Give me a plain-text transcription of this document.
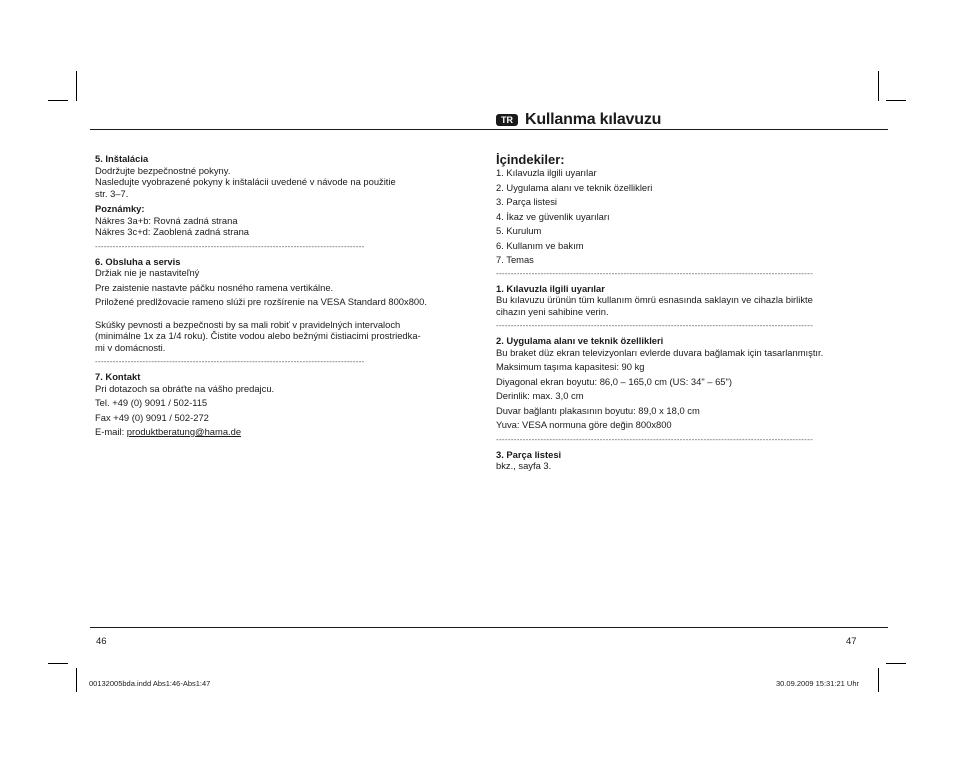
TR Kullanma kılavuzu

5. Inštalácia

Dodržujte bezpečnostné pokyny.

Nasledujte vyobrazené pokyny k inštalácii uvedené v návode na použitie

str. 3–7.

Poznámky:

Nákres 3a+b: Rovná zadná strana

Nákres 3c+d: Zaoblená zadná strana

-------------------------------------------------------------------------------------------

6. Obsluha a servis

Držiak nie je nastaviteľný

Pre zaistenie nastavte páčku nosného ramena vertikálne.

Priložené predlžovacie rameno slúži pre rozšírenie na VESA Standard 800x800.

Skúšky pevnosti a bezpečnosti by sa mali robiť v pravidelných intervaloch

(minimálne 1x za 1/4 roku). Čistite vodou alebo bežnými čistiacimi prostriedka-

mi v domácnosti.

-------------------------------------------------------------------------------------------

7. Kontakt

Pri dotazoch sa obráťte na vášho predajcu.

Tel. +49 (0) 9091 / 502-115

Fax +49 (0) 9091 / 502-272

E-mail: produktberatung@hama.de

İçindekiler:

1. Kılavuzla ilgili uyarılar

2. Uygulama alanı ve teknik özellikleri

3. Parça listesi

4. İkaz ve güvenlik uyarıları

5. Kurulum

6. Kullanım ve bakım

7. Temas

-----------------------------------------------------------------------------------------------------------

1. Kılavuzla ilgili uyarılar

Bu kılavuzu ürünün tüm kullanım ömrü esnasında saklayın ve cihazla birlikte

cihazın yeni sahibine verin.

-----------------------------------------------------------------------------------------------------------

2. Uygulama alanı ve teknik özellikleri

Bu braket düz ekran televizyonları evlerde duvara bağlamak için tasarlanmıştır.

Maksimum taşıma kapasitesi: 90 kg

Diyagonal ekran boyutu: 86,0 – 165,0 cm (US: 34" – 65")

Derinlik: max. 3,0 cm

Duvar bağlantı plakasının boyutu: 89,0 x 18,0 cm

Yuva: VESA normuna göre değin 800x800

-----------------------------------------------------------------------------------------------------------

3. Parça listesi

bkz., sayfa 3.

46	47
00132005bda.indd Abs1:46-Abs1:47	30.09.2009 15:31:21 Uhr
